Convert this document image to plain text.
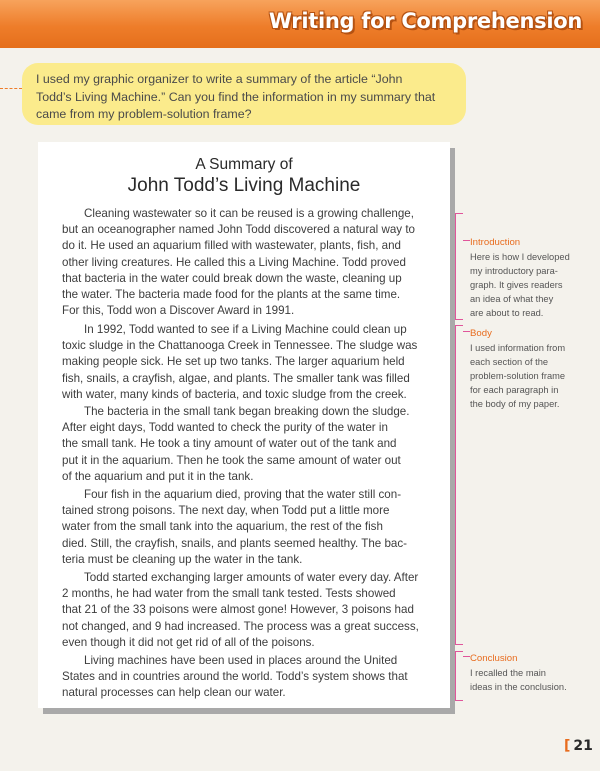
Writing for Comprehension
I used my graphic organizer to write a summary of the article “John
Todd’s Living Machine.” Can you find the information in my summary that
came from my problem-solution frame?
A Summary of
John Todd’s Living Machine
Cleaning wastewater so it can be reused is a growing challenge,
but an oceanographer named John Todd discovered a natural way to
do it. He used an aquarium filled with wastewater, plants, fish, and
other living creatures. He called this a Living Machine. Todd proved
that bacteria in the water could break down the waste, cleaning up
the water. The bacteria made food for the plants at the same time.
For this, Todd won a Discover Award in 1991.
In 1992, Todd wanted to see if a Living Machine could clean up
toxic sludge in the Chattanooga Creek in Tennessee. The sludge was
making people sick. He set up two tanks. The larger aquarium held
fish, snails, a crayfish, algae, and plants. The smaller tank was filled
with water, many kinds of bacteria, and toxic sludge from the creek.
The bacteria in the small tank began breaking down the sludge.
After eight days, Todd wanted to check the purity of the water in
the small tank. He took a tiny amount of water out of the tank and
put it in the aquarium. Then he took the same amount of water out
of the aquarium and put it in the tank.
Four fish in the aquarium died, proving that the water still con-
tained strong poisons. The next day, when Todd put a little more
water from the small tank into the aquarium, the rest of the fish
died. Still, the crayfish, snails, and plants seemed healthy. The bac-
teria must be cleaning up the water in the tank.
Todd started exchanging larger amounts of water every day. After
2 months, he had water from the small tank tested. Tests showed
that 21 of the 33 poisons were almost gone! However, 3 poisons had
not changed, and 9 had increased. The process was a great success,
even though it did not get rid of all of the poisons.
Living machines have been used in places around the United
States and in countries around the world. Todd’s system shows that
natural processes can help clean our water.
Introduction
Here is how I developed
my introductory para-
graph. It gives readers
an idea of what they
are about to read.
Body
I used information from
each section of the
problem-solution frame
for each paragraph in
the body of my paper.
Conclusion
I recalled the main
ideas in the conclusion.
[ 21
